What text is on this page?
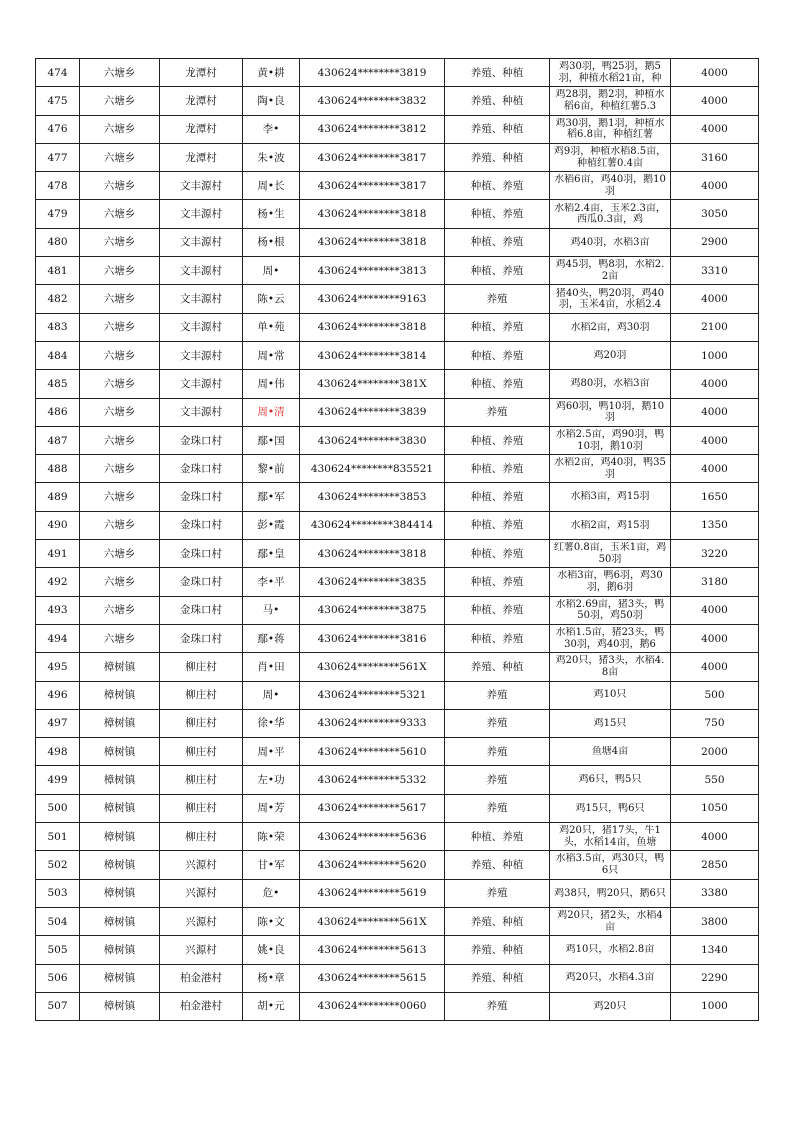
474	六塘乡	龙潭村	黄•耕	430624********3819	养殖、种植	鸡30羽，鸭25羽，鹅5羽，种植水稻21亩，种	4000
475	六塘乡	龙潭村	陶•良	430624********3832	养殖、种植	鸡28羽，鹅2羽，种植水稻6亩，种植红薯5.3	4000
476	六塘乡	龙潭村	李•	430624********3812	养殖、种植	鸡30羽，鹅1羽，种植水稻6.8亩，种植红薯	4000
477	六塘乡	龙潭村	朱•波	430624********3817	养殖、种植	鸡9羽，种植水稻8.5亩，种植红薯0.4亩	3160
478	六塘乡	文丰源村	周•长	430624********3817	种植、养殖	水稻6亩，鸡40羽，鹅10羽	4000
479	六塘乡	文丰源村	杨•生	430624********3818	种植、养殖	水稻2.4亩，玉米2.3亩，西瓜0.3亩，鸡	3050
480	六塘乡	文丰源村	杨•根	430624********3818	种植、养殖	鸡40羽，水稻3亩	2900
481	六塘乡	文丰源村	周•	430624********3813	种植、养殖	鸡45羽，鸭8羽，水稻2.2亩	3310
482	六塘乡	文丰源村	陈•云	430624********9163	养殖	猪40头，鸭20羽，鸡40羽，玉米4亩，水稻2.4	4000
483	六塘乡	文丰源村	单•苑	430624********3818	种植、养殖	水稻2亩，鸡30羽	2100
484	六塘乡	文丰源村	周•常	430624********3814	种植、养殖	鸡20羽	1000
485	六塘乡	文丰源村	周•伟	430624********381X	种植、养殖	鸡80羽，水稻3亩	4000
486	六塘乡	文丰源村	周•清	430624********3839	养殖	鸡60羽，鸭10羽，鹅10羽	4000
487	六塘乡	金珠口村	鄢•国	430624********3830	种植、养殖	水稻2.5亩，鸡90羽，鸭10羽，鹅10羽	4000
488	六塘乡	金珠口村	黎•前	430624********835521	种植、养殖	水稻2亩，鸡40羽，鸭35羽	4000
489	六塘乡	金珠口村	鄢•军	430624********3853	种植、养殖	水稻3亩，鸡15羽	1650
490	六塘乡	金珠口村	彭•霞	430624********384414	种植、养殖	水稻2亩，鸡15羽	1350
491	六塘乡	金珠口村	鄢•皇	430624********3818	种植、养殖	红薯0.8亩，玉米1亩，鸡50羽	3220
492	六塘乡	金珠口村	李•平	430624********3835	种植、养殖	水稻3亩，鸭6羽，鸡30羽，鹅6羽	3180
493	六塘乡	金珠口村	马•	430624********3875	种植、养殖	水稻2.69亩，猪3头，鸭50羽，鸡50羽	4000
494	六塘乡	金珠口村	鄢•蒋	430624********3816	种植、养殖	水稻1.5亩，猪23头，鸭30羽，鸡40羽，鹅6	4000
495	樟树镇	柳庄村	肖•田	430624********561X	养殖、种植	鸡20只，猪3头，水稻4.8亩	4000
496	樟树镇	柳庄村	周•	430624********5321	养殖	鸡10只	500
497	樟树镇	柳庄村	徐•华	430624********9333	养殖	鸡15只	750
498	樟树镇	柳庄村	周•平	430624********5610	养殖	鱼塘4亩	2000
499	樟树镇	柳庄村	左•功	430624********5332	养殖	鸡6只，鸭5只	550
500	樟树镇	柳庄村	周•芳	430624********5617	养殖	鸡15只，鸭6只	1050
501	樟树镇	柳庄村	陈•荣	430624********5636	种植、养殖	鸡20只，猪17头，牛1头，水稻14亩，鱼塘	4000
502	樟树镇	兴源村	甘•军	430624********5620	养殖、种植	水稻3.5亩，鸡30只，鸭6只	2850
503	樟树镇	兴源村	危•	430624********5619	养殖	鸡38只，鸭20只，鹅6只	3380
504	樟树镇	兴源村	陈•文	430624********561X	养殖、种植	鸡20只，猪2头，水稻4亩	3800
505	樟树镇	兴源村	姚•良	430624********5613	养殖、种植	鸡10只，水稻2.8亩	1340
506	樟树镇	柏金港村	杨•章	430624********5615	养殖、种植	鸡20只，水稻4.3亩	2290
507	樟树镇	柏金港村	胡•元	430624********0060	养殖	鸡20只	1000
